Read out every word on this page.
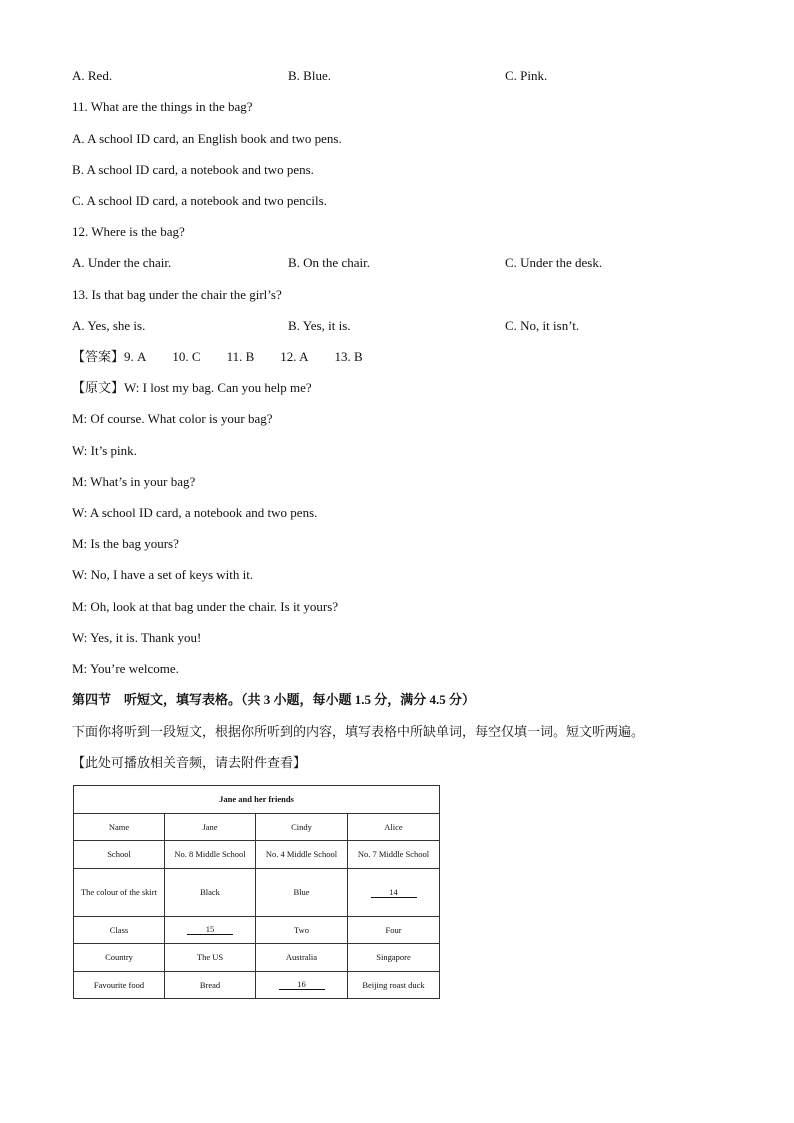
A. Red.	B. Blue.	C. Pink.
11. What are the things in the bag?
A. A school ID card, an English book and two pens.
B. A school ID card, a notebook and two pens.
C. A school ID card, a notebook and two pencils.
12. Where is the bag?
A. Under the chair.	B. On the chair.	C. Under the desk.
13. Is that bag under the chair the girl’s?
A. Yes, she is.	B. Yes, it is.	C. No, it isn’t.
【答案】9. A 10. C 11. B 12. A 13. B
【原文】W: I lost my bag. Can you help me?
M: Of course. What color is your bag?
W: It’s pink.
M: What’s in your bag?
W: A school ID card, a notebook and two pens.
M: Is the bag yours?
W: No, I have a set of keys with it.
M: Oh, look at that bag under the chair. Is it yours?
W: Yes, it is. Thank you!
M: You’re welcome.
第四节　听短文，填写表格。（共 3 小题，每小题 1.5 分，满分 4.5 分）
下面你将听到一段短文，根据你所听到的内容，填写表格中所缺单词，每空仅填一词。短文听两遍。
【此处可播放相关音频，请去附件查看】
Jane and her friends			
Name	Jane	Cindy	Alice
School	No. 8 Middle School	No. 4 Middle School	No. 7 Middle School
The colour of the skirt	Black	Blue	14
Class	15	Two	Four
Country	The US	Australia	Singapore
Favourite food	Bread	16	Beijing roast duck
